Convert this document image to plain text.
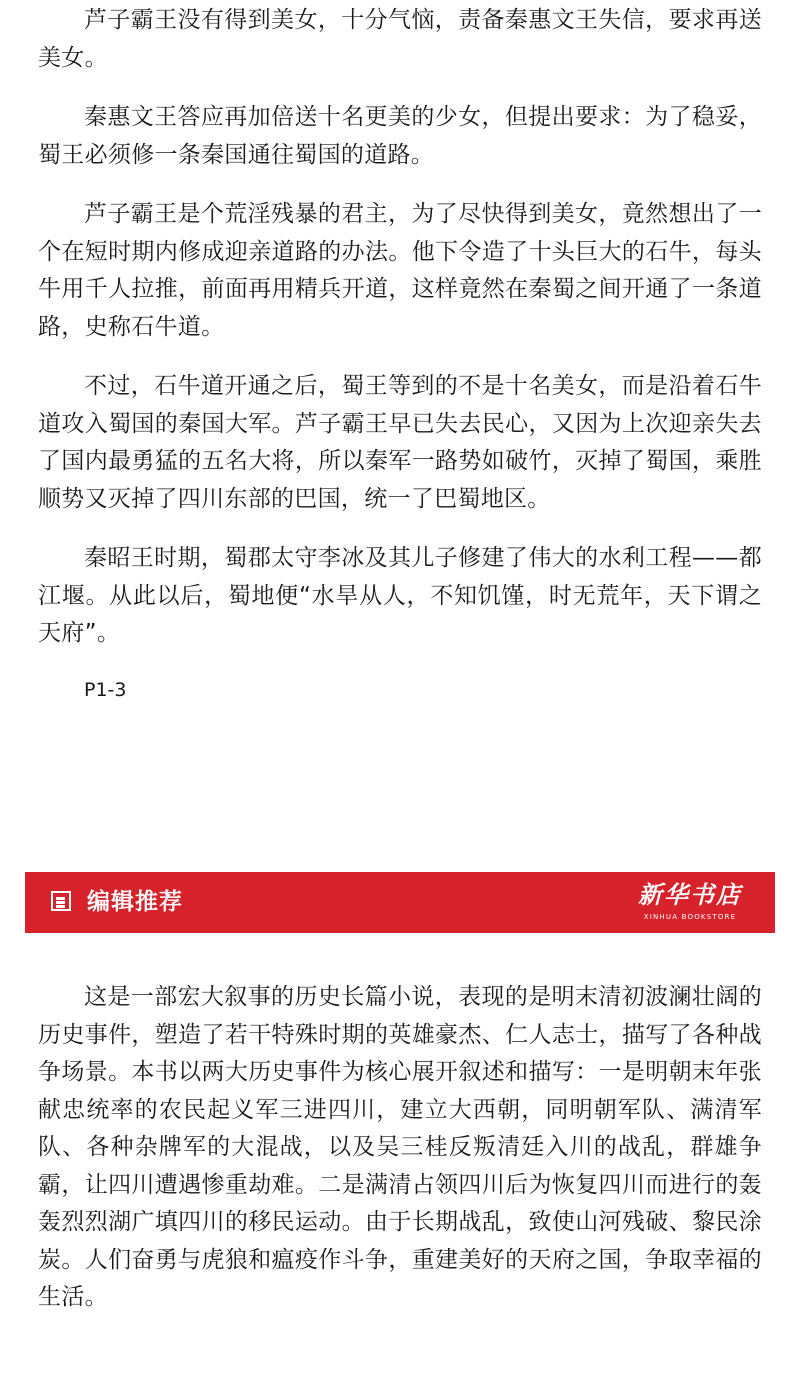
芦子霸王没有得到美女，十分气恼，责备秦惠文王失信，要求再送美女。

秦惠文王答应再加倍送十名更美的少女，但提出要求：为了稳妥，蜀王必须修一条秦国通往蜀国的道路。

芦子霸王是个荒淫残暴的君主，为了尽快得到美女，竟然想出了一个在短时期内修成迎亲道路的办法。他下令造了十头巨大的石牛，每头牛用千人拉推，前面再用精兵开道，这样竟然在秦蜀之间开通了一条道路，史称石牛道。

不过，石牛道开通之后，蜀王等到的不是十名美女，而是沿着石牛道攻入蜀国的秦国大军。芦子霸王早已失去民心，又因为上次迎亲失去了国内最勇猛的五名大将，所以秦军一路势如破竹，灭掉了蜀国，乘胜顺势又灭掉了四川东部的巴国，统一了巴蜀地区。

秦昭王时期，蜀郡太守李冰及其儿子修建了伟大的水利工程——都江堰。从此以后，蜀地便“水旱从人，不知饥馑，时无荒年，天下谓之天府”。

P1-3

编辑推荐	新华书店
XINHUA BOOKSTORE

这是一部宏大叙事的历史长篇小说，表现的是明末清初波澜壮阔的历史事件，塑造了若干特殊时期的英雄豪杰、仁人志士，描写了各种战争场景。本书以两大历史事件为核心展开叙述和描写：一是明朝末年张献忠统率的农民起义军三进四川，建立大西朝，同明朝军队、满清军队、各种杂牌军的大混战，以及吴三桂反叛清廷入川的战乱，群雄争霸，让四川遭遇惨重劫难。二是满清占领四川后为恢复四川而进行的轰轰烈烈湖广填四川的移民运动。由于长期战乱，致使山河残破、黎民涂炭。人们奋勇与虎狼和瘟疫作斗争，重建美好的天府之国，争取幸福的生活。
